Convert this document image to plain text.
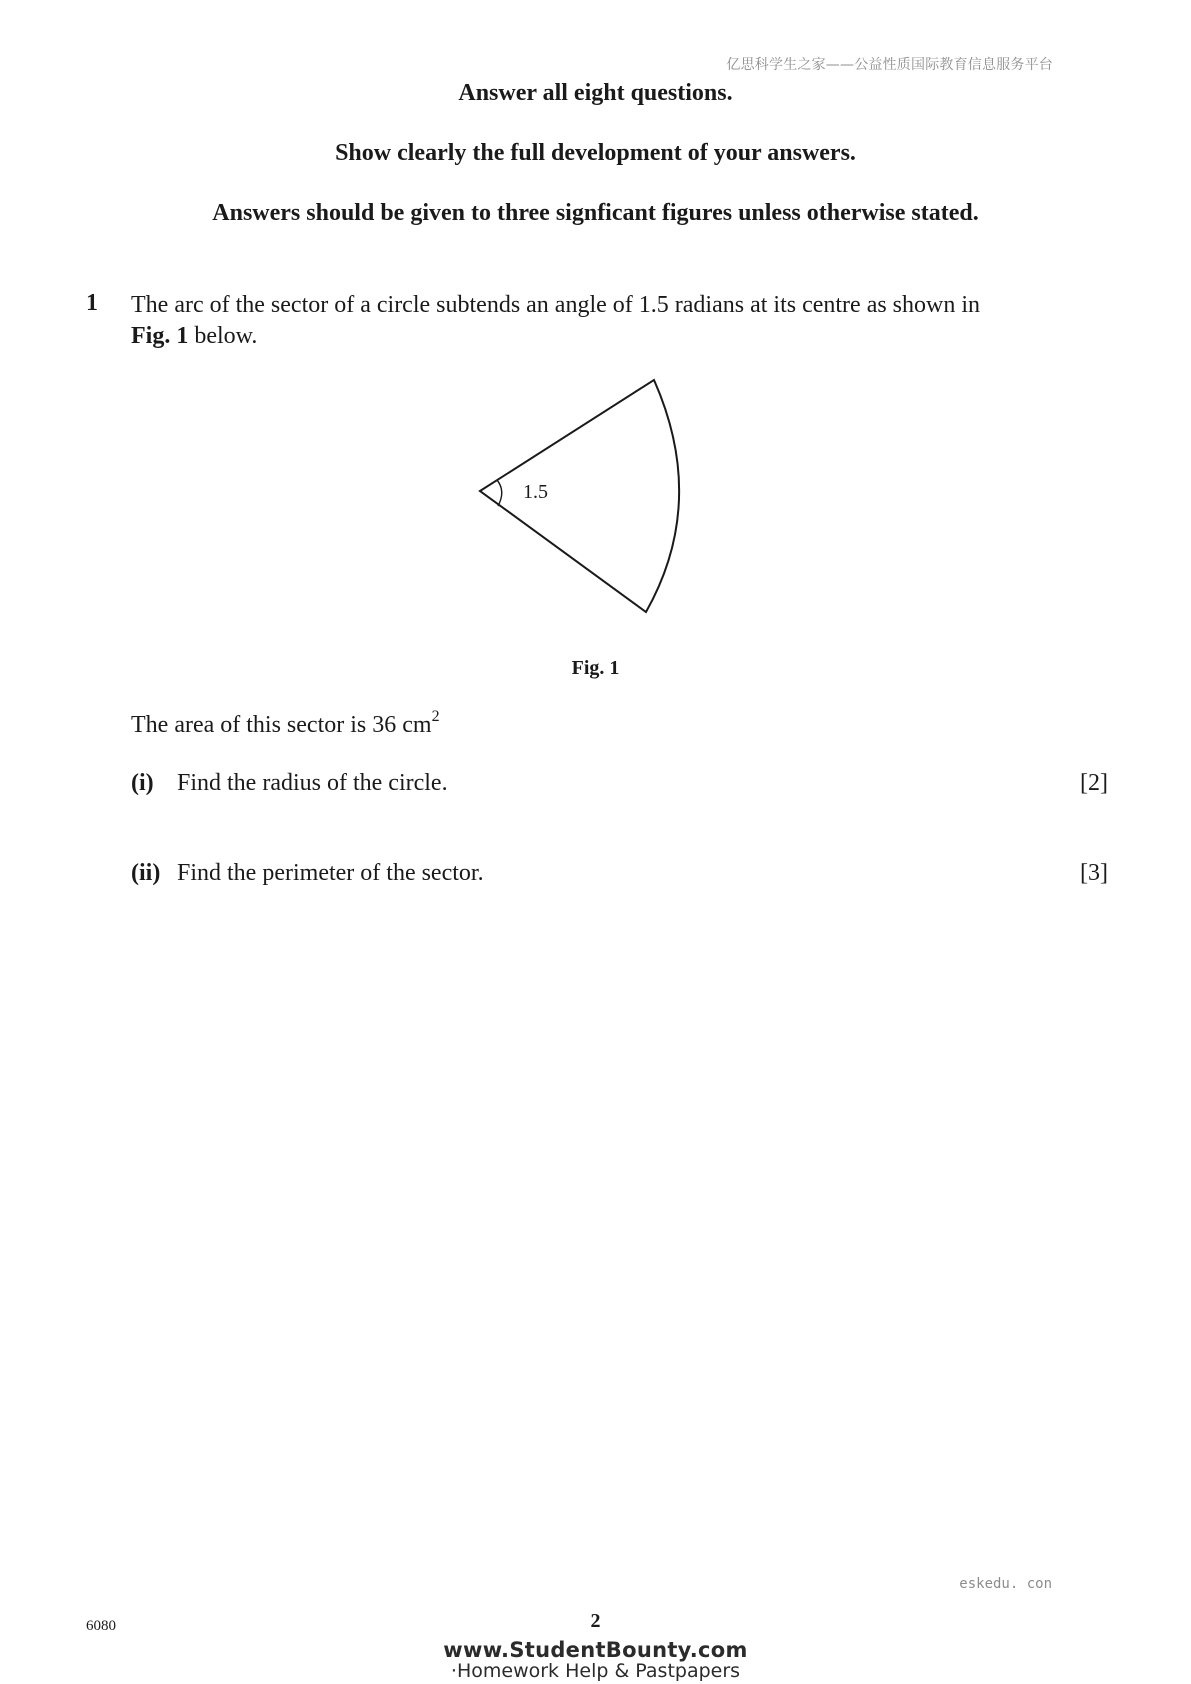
亿思科学生之家——公益性质国际教育信息服务平台
Answer all eight questions.
Show clearly the full development of your answers.
Answers should be given to three signficant figures unless otherwise stated.
1 The arc of the sector of a circle subtends an angle of 1.5 radians at its centre as shown in
Fig. 1 below.
1.5
Fig. 1
The area of this sector is 36 $cm^2$
(i) Find the radius of the circle.	[2]
(ii) Find the perimeter of the sector.	[3]
eskedu. con
6080	2
www.StudentBounty.com
·Homework Help & Pastpapers
